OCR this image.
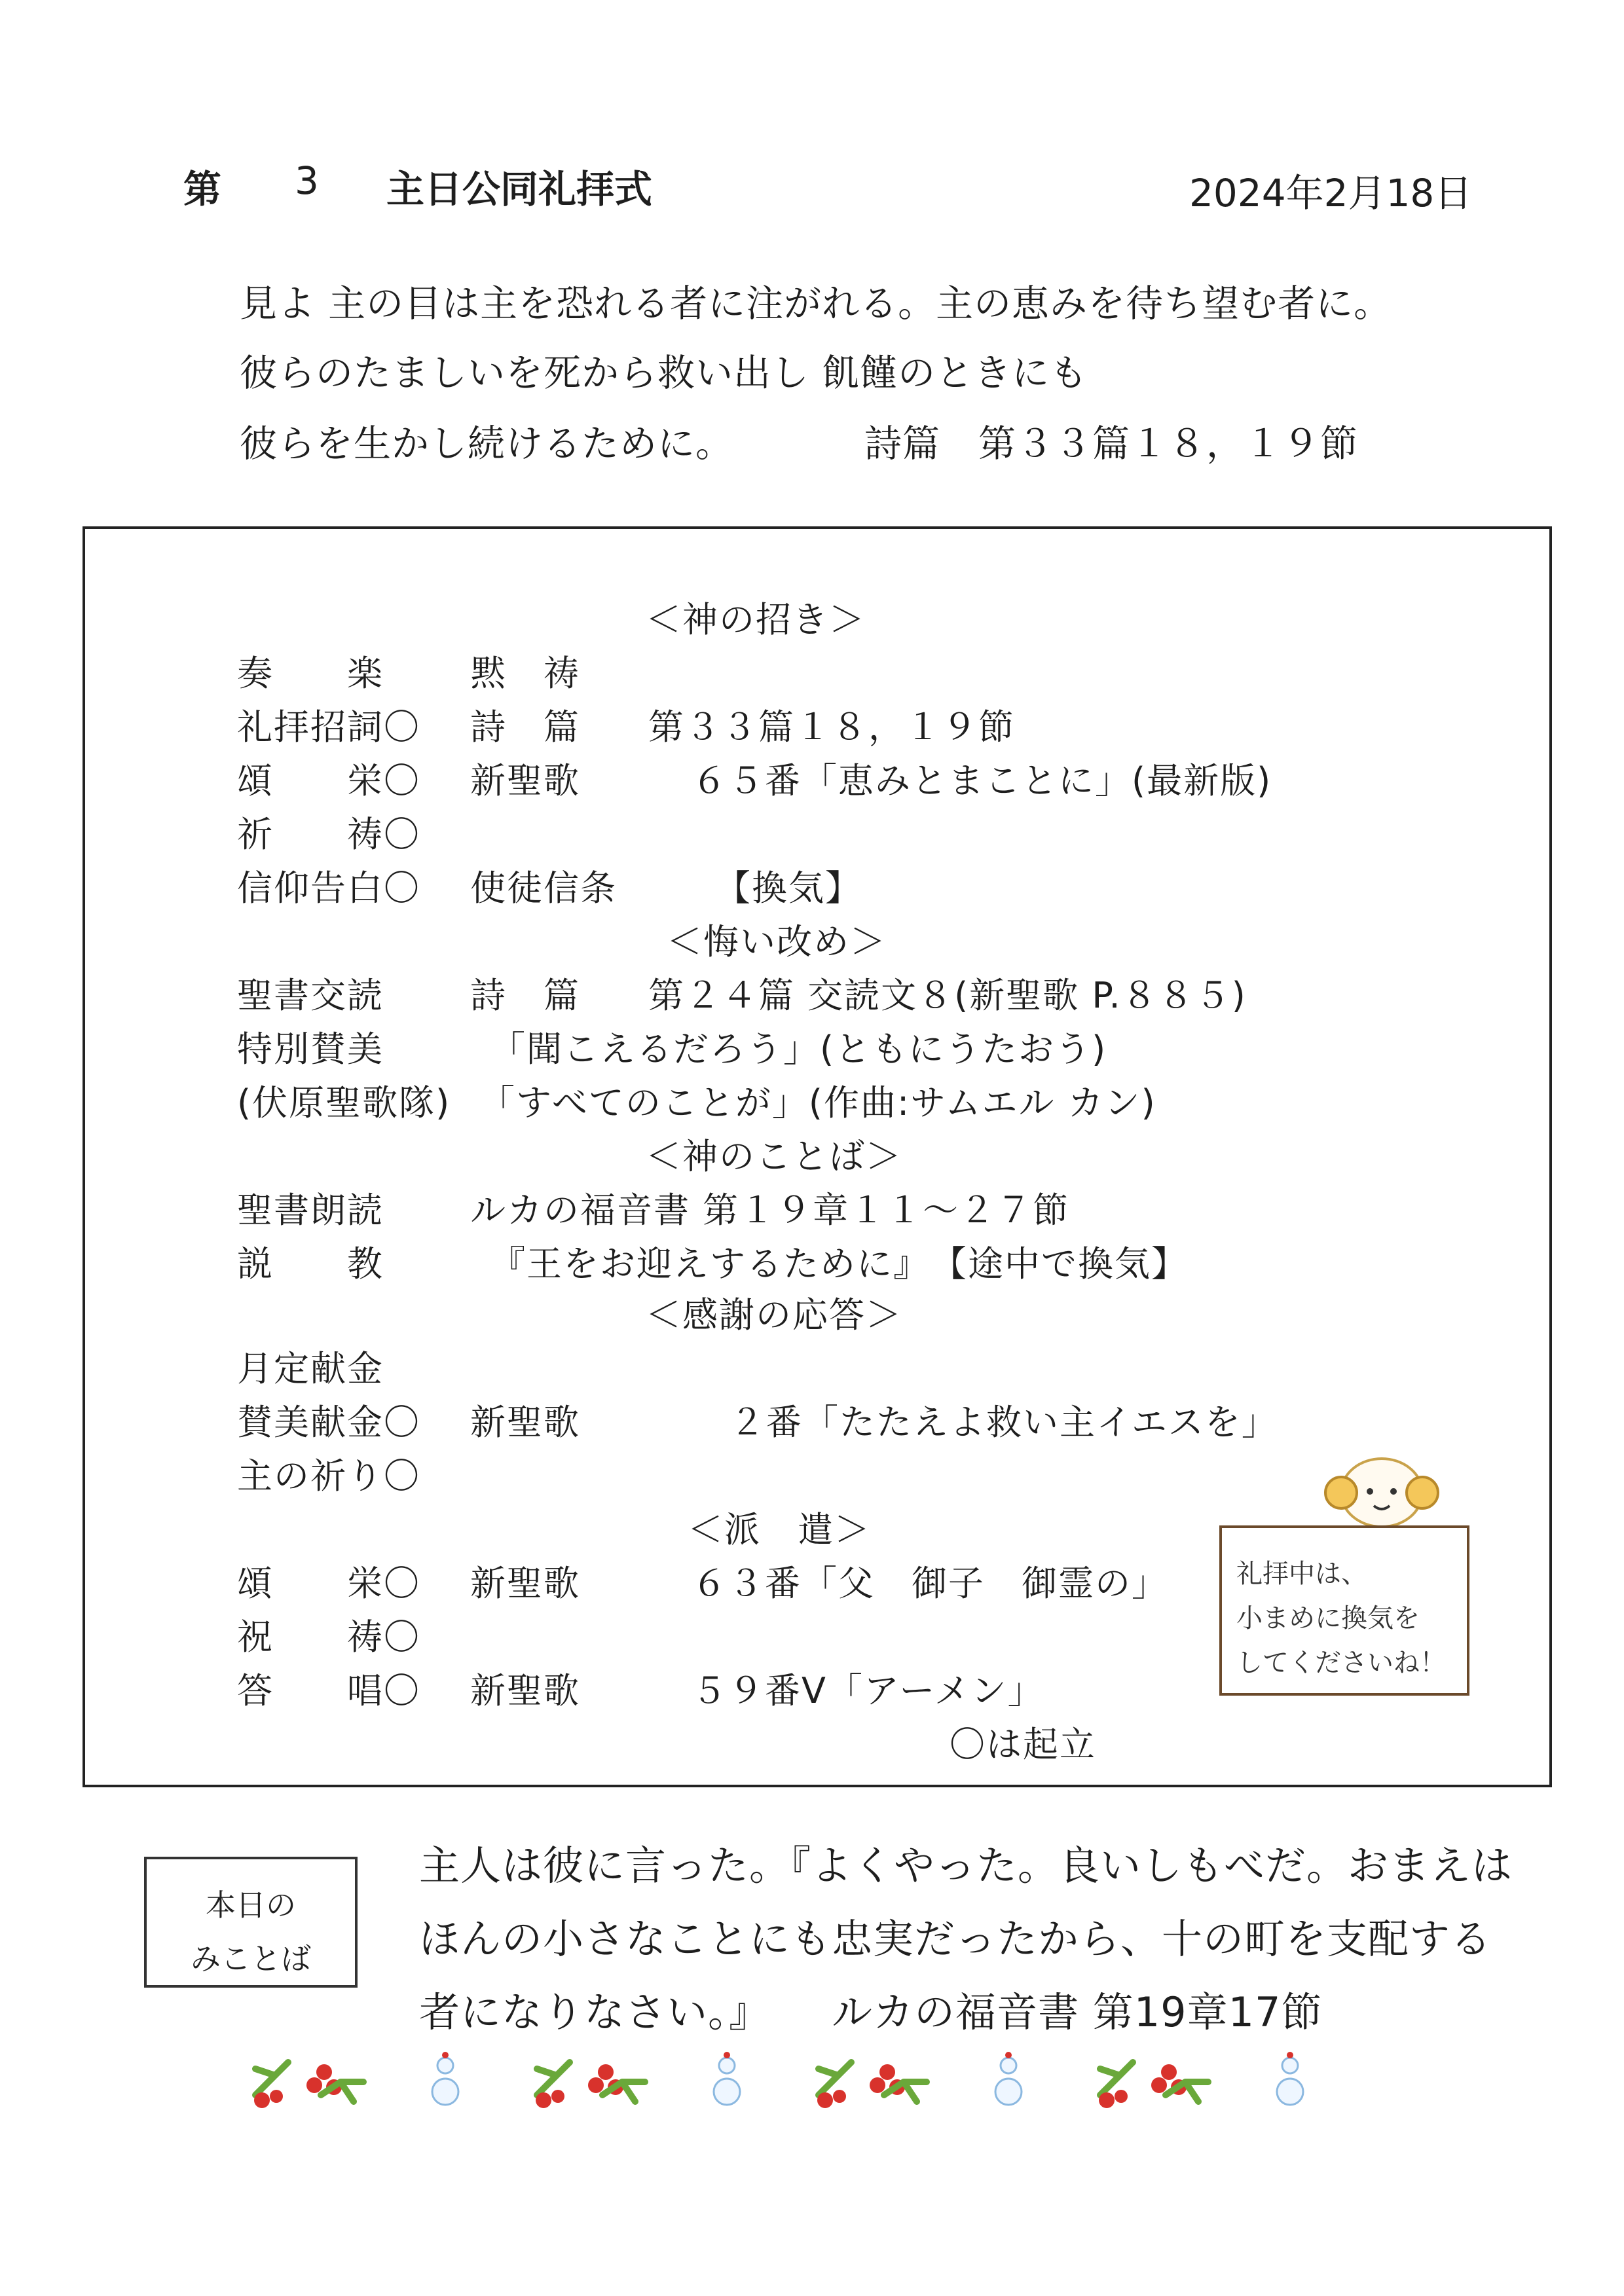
第 3 主日公同礼拝式	2024年2月18日
見よ 主の目は主を恐れる者に注がれる。主の恵みを待ち望む者に。
彼らのたましいを死から救い出し 飢饉のときにも
彼らを生かし続けるために。	詩篇　第３３篇１８，１９節
＜神の招き＞
奏　　楽 黙　祷
礼拝招詞〇 詩　篇 第３３篇１８，１９節
頌　　栄〇 新聖歌	６５番「恵みとまことに」(最新版)
祈　　祷〇
信仰告白〇 使徒信条	【換気】
＜悔い改め＞
聖書交読 詩　篇 第２４篇 交読文８(新聖歌 P.８８５)
特別賛美	「聞こえるだろう」(ともにうたおう)
(伏原聖歌隊) 「すべてのことが」(作曲:サムエル カン)
＜神のことば＞
聖書朗読 ルカの福音書 第１９章１１～２７節
説　　教	『王をお迎えするために』　【途中で換気】
＜感謝の応答＞
月定献金
賛美献金〇 新聖歌	２番「たたえよ救い主イエスを」
主の祈り〇
＜派　遣＞
頌　　栄〇 新聖歌	６３番「父　御子　御霊の」
祝　　祷〇
答　　唱〇 新聖歌	５９番Ⅴ「アーメン」
〇は起立
礼拝中は、
小まめに換気を
してくださいね！
本日の
みことば
主人は彼に言った。『よくやった。良いしもべだ。おまえは
ほんの小さなことにも忠実だったから、十の町を支配する
者になりなさい。』 ルカの福音書 第19章17節
